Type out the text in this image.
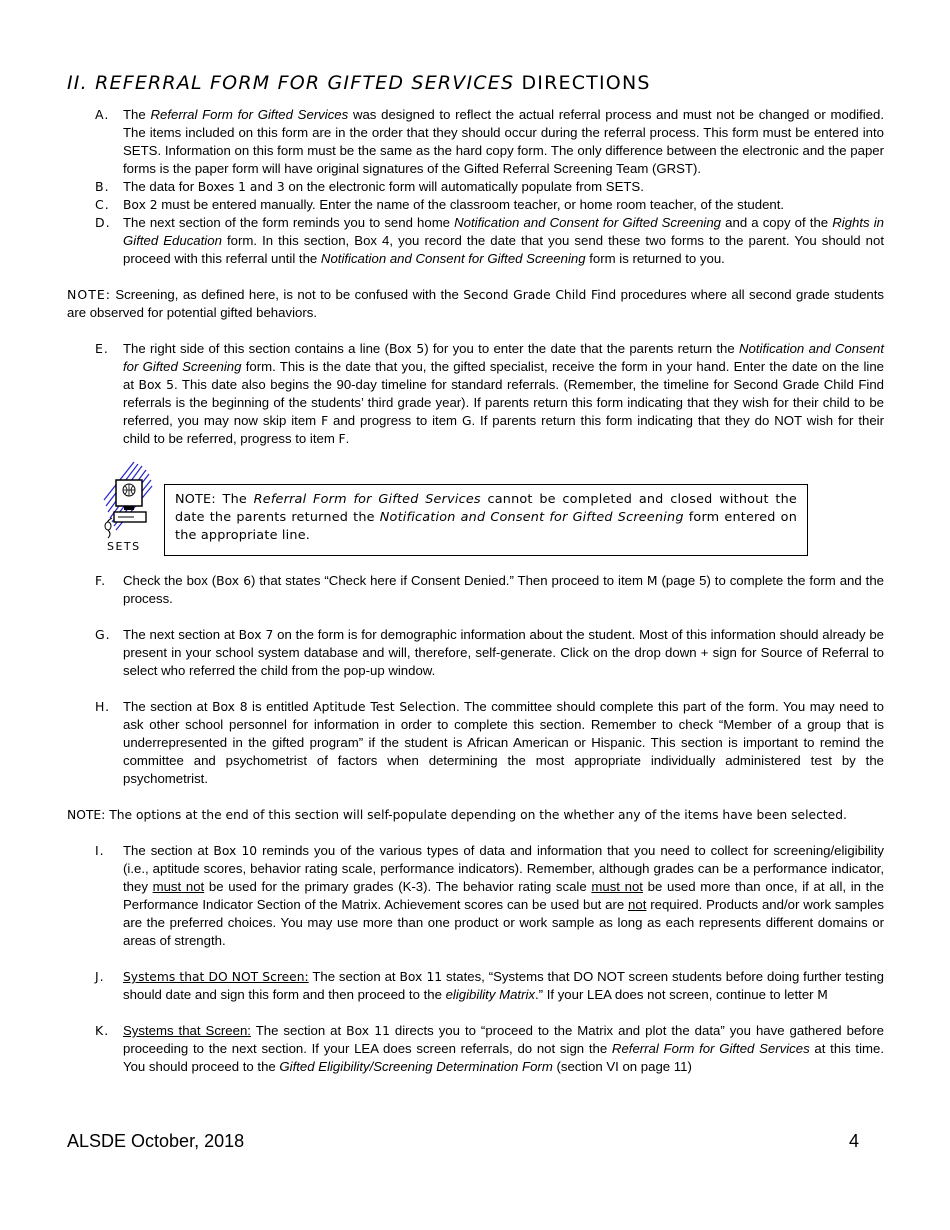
II. REFERRAL FORM FOR GIFTED SERVICES DIRECTIONS

A. The Referral Form for Gifted Services was designed to reflect the actual referral process and must not be changed or modified. The items included on this form are in the order that they should occur during the referral process. This form must be entered into SETS. Information on this form must be the same as the hard copy form. The only difference between the electronic and the paper forms is the paper form will have original signatures of the Gifted Referral Screening Team (GRST).

B. The data for Boxes 1 and 3 on the electronic form will automatically populate from SETS.

C. Box 2 must be entered manually. Enter the name of the classroom teacher, or home room teacher, of the student.

D. The next section of the form reminds you to send home Notification and Consent for Gifted Screening and a copy of the Rights in Gifted Education form. In this section, Box 4, you record the date that you send these two forms to the parent. You should not proceed with this referral until the Notification and Consent for Gifted Screening form is returned to you.

NOTE: Screening, as defined here, is not to be confused with the Second Grade Child Find procedures where all second grade students are observed for potential gifted behaviors.

E. The right side of this section contains a line (Box 5) for you to enter the date that the parents return the Notification and Consent for Gifted Screening form. This is the date that you, the gifted specialist, receive the form in your hand. Enter the date on the line at Box 5. This date also begins the 90-day timeline for standard referrals. (Remember, the timeline for Second Grade Child Find referrals is the beginning of the students’ third grade year). If parents return this form indicating that they wish for their child to be referred, you may now skip item F and progress to item G. If parents return this form indicating that they do NOT wish for their child to be referred, progress to item F.

SETS
NOTE: The Referral Form for Gifted Services cannot be completed and closed without the date the parents returned the Notification and Consent for Gifted Screening form entered on the appropriate line.

F. Check the box (Box 6) that states “Check here if Consent Denied.” Then proceed to item M (page 5) to complete the form and the process.

G. The next section at Box 7 on the form is for demographic information about the student. Most of this information should already be present in your school system database and will, therefore, self-generate. Click on the drop down + sign for Source of Referral to select who referred the child from the pop-up window.

H. The section at Box 8 is entitled Aptitude Test Selection. The committee should complete this part of the form. You may need to ask other school personnel for information in order to complete this section. Remember to check “Member of a group that is underrepresented in the gifted program” if the student is African American or Hispanic. This section is important to remind the committee and psychometrist of factors when determining the most appropriate individually administered test by the psychometrist.

NOTE: The options at the end of this section will self-populate depending on the whether any of the items have been selected.

I. The section at Box 10 reminds you of the various types of data and information that you need to collect for screening/eligibility (i.e., aptitude scores, behavior rating scale, performance indicators). Remember, although grades can be a performance indicator, they must not be used for the primary grades (K-3). The behavior rating scale must not be used more than once, if at all, in the Performance Indicator Section of the Matrix. Achievement scores can be used but are not required. Products and/or work samples are the preferred choices. You may use more than one product or work sample as long as each represents different domains or areas of strength.

J. Systems that DO NOT Screen: The section at Box 11 states, “Systems that DO NOT screen students before doing further testing should date and sign this form and then proceed to the eligibility Matrix.” If your LEA does not screen, continue to letter M

K. Systems that Screen: The section at Box 11 directs you to “proceed to the Matrix and plot the data” you have gathered before proceeding to the next section. If your LEA does screen referrals, do not sign the Referral Form for Gifted Services at this time. You should proceed to the Gifted Eligibility/Screening Determination Form (section VI on page 11)

ALSDE October, 2018	4
